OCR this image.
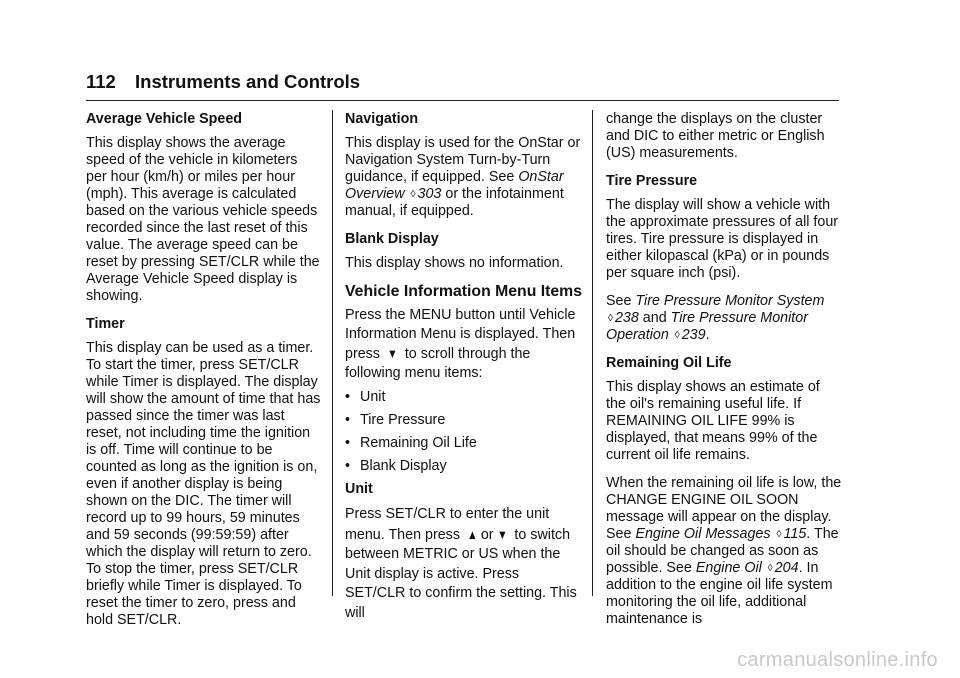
112 Instruments and Controls

Average Vehicle Speed

This display shows the average speed of the vehicle in kilometers per hour (km/h) or miles per hour (mph). This average is calculated based on the various vehicle speeds recorded since the last reset of this value. The average speed can be reset by pressing SET/CLR while the Average Vehicle Speed display is showing.

Timer

This display can be used as a timer. To start the timer, press SET/CLR while Timer is displayed. The display will show the amount of time that has passed since the timer was last reset, not including time the ignition is off. Time will continue to be counted as long as the ignition is on, even if another display is being shown on the DIC. The timer will record up to 99 hours, 59 minutes and 59 seconds (99:59:59) after which the display will return to zero. To stop the timer, press SET/CLR briefly while Timer is displayed. To reset the timer to zero, press and hold SET/CLR.

Navigation

This display is used for the OnStar or Navigation System Turn-by-Turn guidance, if equipped. See OnStar Overview ◊ 303 or the infotainment manual, if equipped.

Blank Display

This display shows no information.

Vehicle Information Menu Items

Press the MENU button until Vehicle Information Menu is displayed. Then press ▼ to scroll through the following menu items:

• Unit

• Tire Pressure

• Remaining Oil Life

• Blank Display

Unit

Press SET/CLR to enter the unit menu. Then press ▲ or ▼ to switch between METRIC or US when the Unit display is active. Press SET/CLR to confirm the setting. This will

change the displays on the cluster and DIC to either metric or English (US) measurements.

Tire Pressure

The display will show a vehicle with the approximate pressures of all four tires. Tire pressure is displayed in either kilopascal (kPa) or in pounds per square inch (psi).

See Tire Pressure Monitor System ◊ 238 and Tire Pressure Monitor Operation ◊ 239.

Remaining Oil Life

This display shows an estimate of the oil's remaining useful life. If REMAINING OIL LIFE 99% is displayed, that means 99% of the current oil life remains.

When the remaining oil life is low, the CHANGE ENGINE OIL SOON message will appear on the display. See Engine Oil Messages ◊ 115. The oil should be changed as soon as possible. See Engine Oil ◊ 204. In addition to the engine oil life system monitoring the oil life, additional maintenance is

carmanualsonline.info
